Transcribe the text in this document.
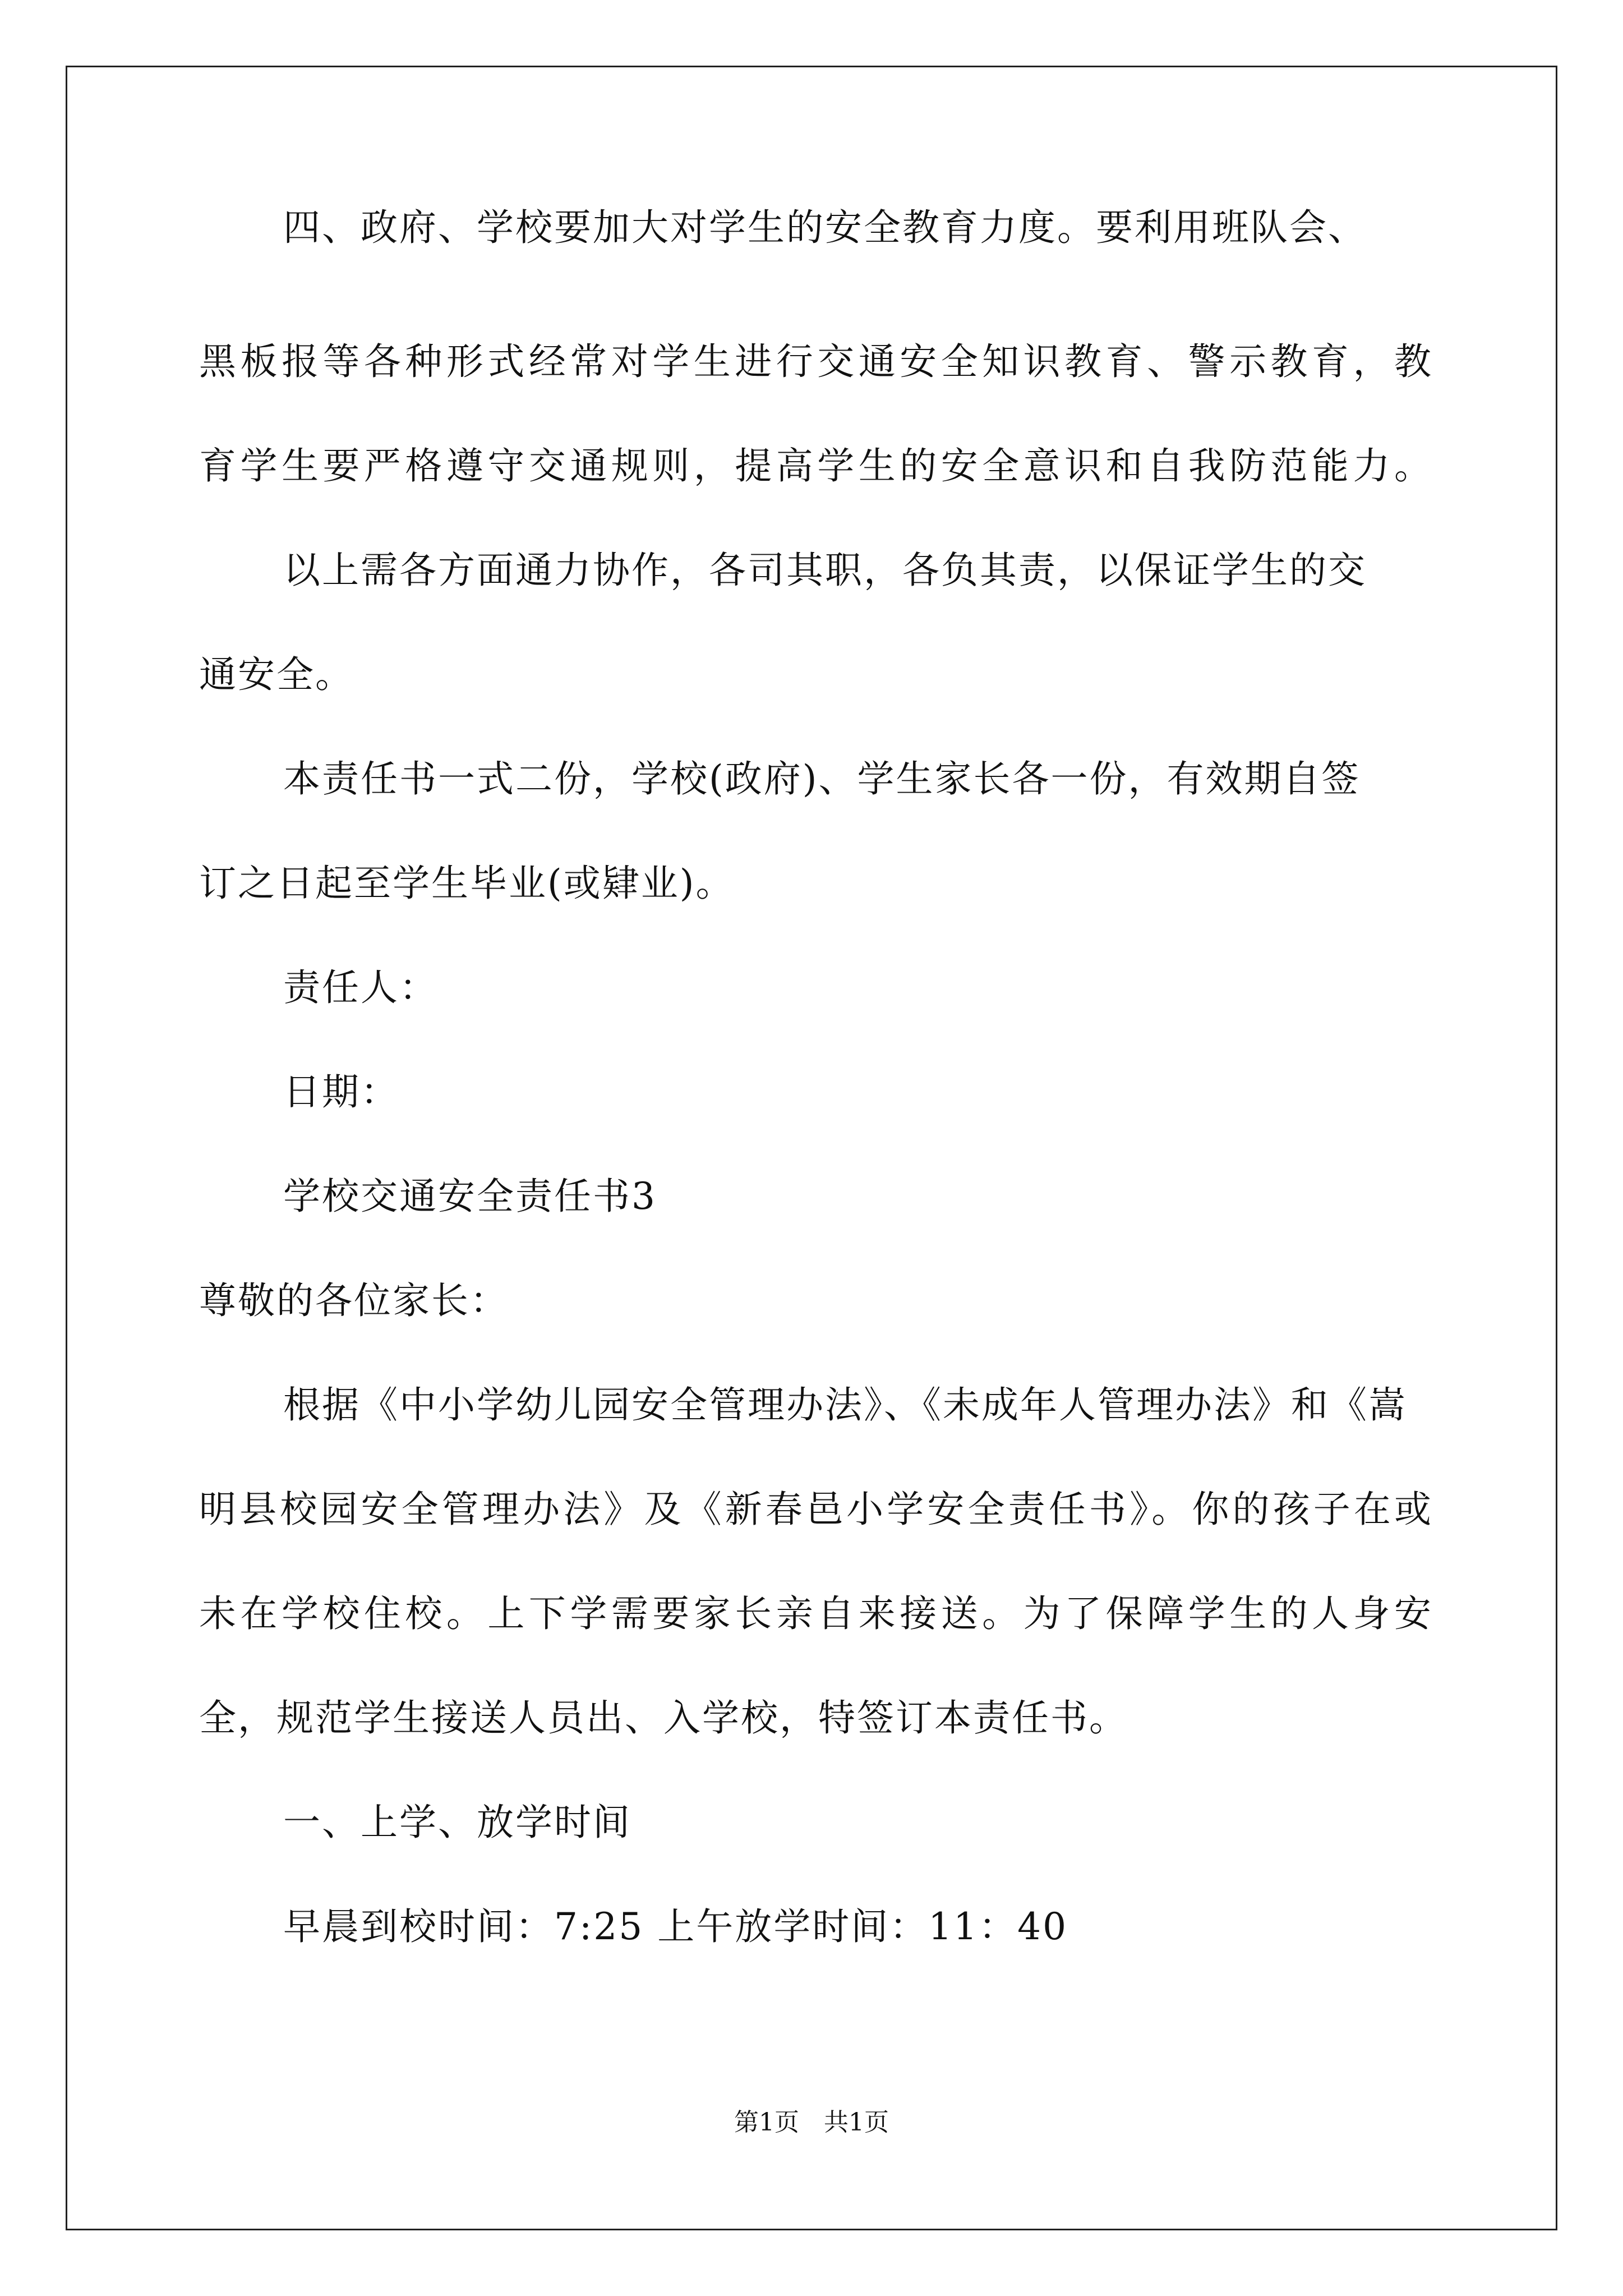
四、政府、学校要加大对学生的安全教育力度。要利用班队会、
黑板报等各种形式经常对学生进行交通安全知识教育、警示教育，教
育学生要严格遵守交通规则，提高学生的安全意识和自我防范能力。
以上需各方面通力协作，各司其职，各负其责，以保证学生的交
通安全。
本责任书一式二份，学校(政府)、学生家长各一份，有效期自签
订之日起至学生毕业(或肄业)。
责任人：
日期：
学校交通安全责任书3
尊敬的各位家长：
根据《中小学幼儿园安全管理办法》、《未成年人管理办法》和《嵩
明县校园安全管理办法》及《新春邑小学安全责任书》。你的孩子在或
未在学校住校。上下学需要家长亲自来接送。为了保障学生的人身安
全，规范学生接送人员出、入学校，特签订本责任书。
一、上学、放学时间
早晨到校时间：7:25 上午放学时间：11：40
第1页　共1页
